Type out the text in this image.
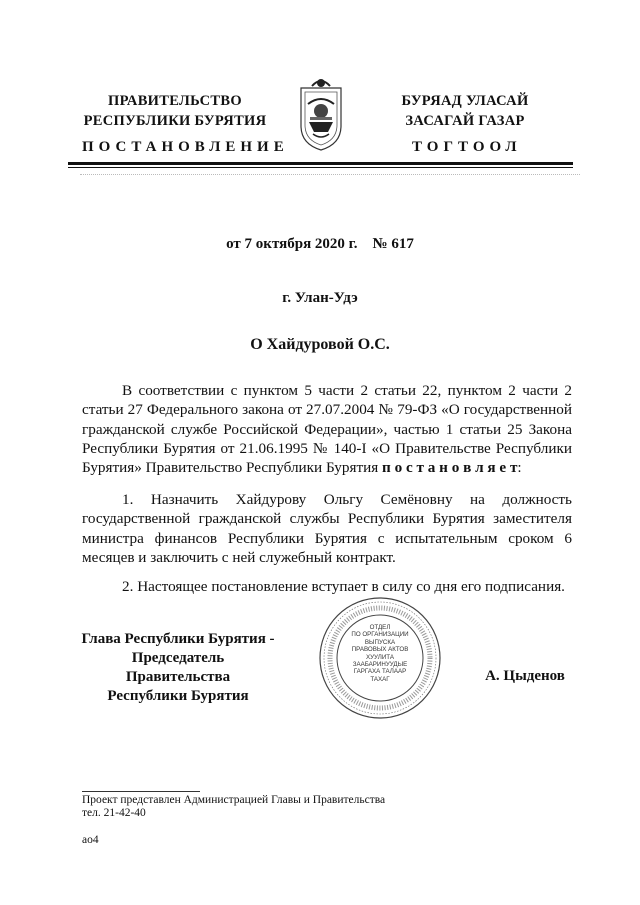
ПРАВИТЕЛЬСТВО
РЕСПУБЛИКИ БУРЯТИЯ
БУРЯАД УЛАСАЙ
ЗАСАГАЙ ГАЗАР
ПОСТАНОВЛЕНИЕ	ТОГТООЛ
от 7 октября 2020 г.    № 617
г. Улан-Удэ
О Хайдуровой О.С.
В соответствии с пунктом 5 части 2 статьи 22, пунктом 2 части 2 статьи 27 Федерального закона от 27.07.2004 № 79-ФЗ «О государственной гражданской службе Российской Федерации», частью 1 статьи 25 Закона Республики Бурятия от 21.06.1995 № 140-I «О Правительстве Республики Бурятия» Правительство Республики Бурятия п о с т а н о в л я е т:
1. Назначить Хайдурову Ольгу Семёновну на должность государственной гражданской службы Республики Бурятия заместителя министра финансов Республики Бурятия с испытательным сроком 6 месяцев и заключить с ней служебный контракт.
2. Настоящее постановление вступает в силу со дня его подписания.
Глава Республики Бурятия -
Председатель Правительства
Республики Бурятия
ОТДЕЛ
ПО ОРГАНИЗАЦИИ
ВЫПУСКА
ПРАВОВЫХ АКТОВ
ХУУЛИТА
ЗААБАРИНУУДЫЕ
ГАРГАХА ТАЛААР
ТАХАГ	А. Цыденов
Проект представлен Администрацией Главы и Правительства
тел. 21-42-40
ао4
